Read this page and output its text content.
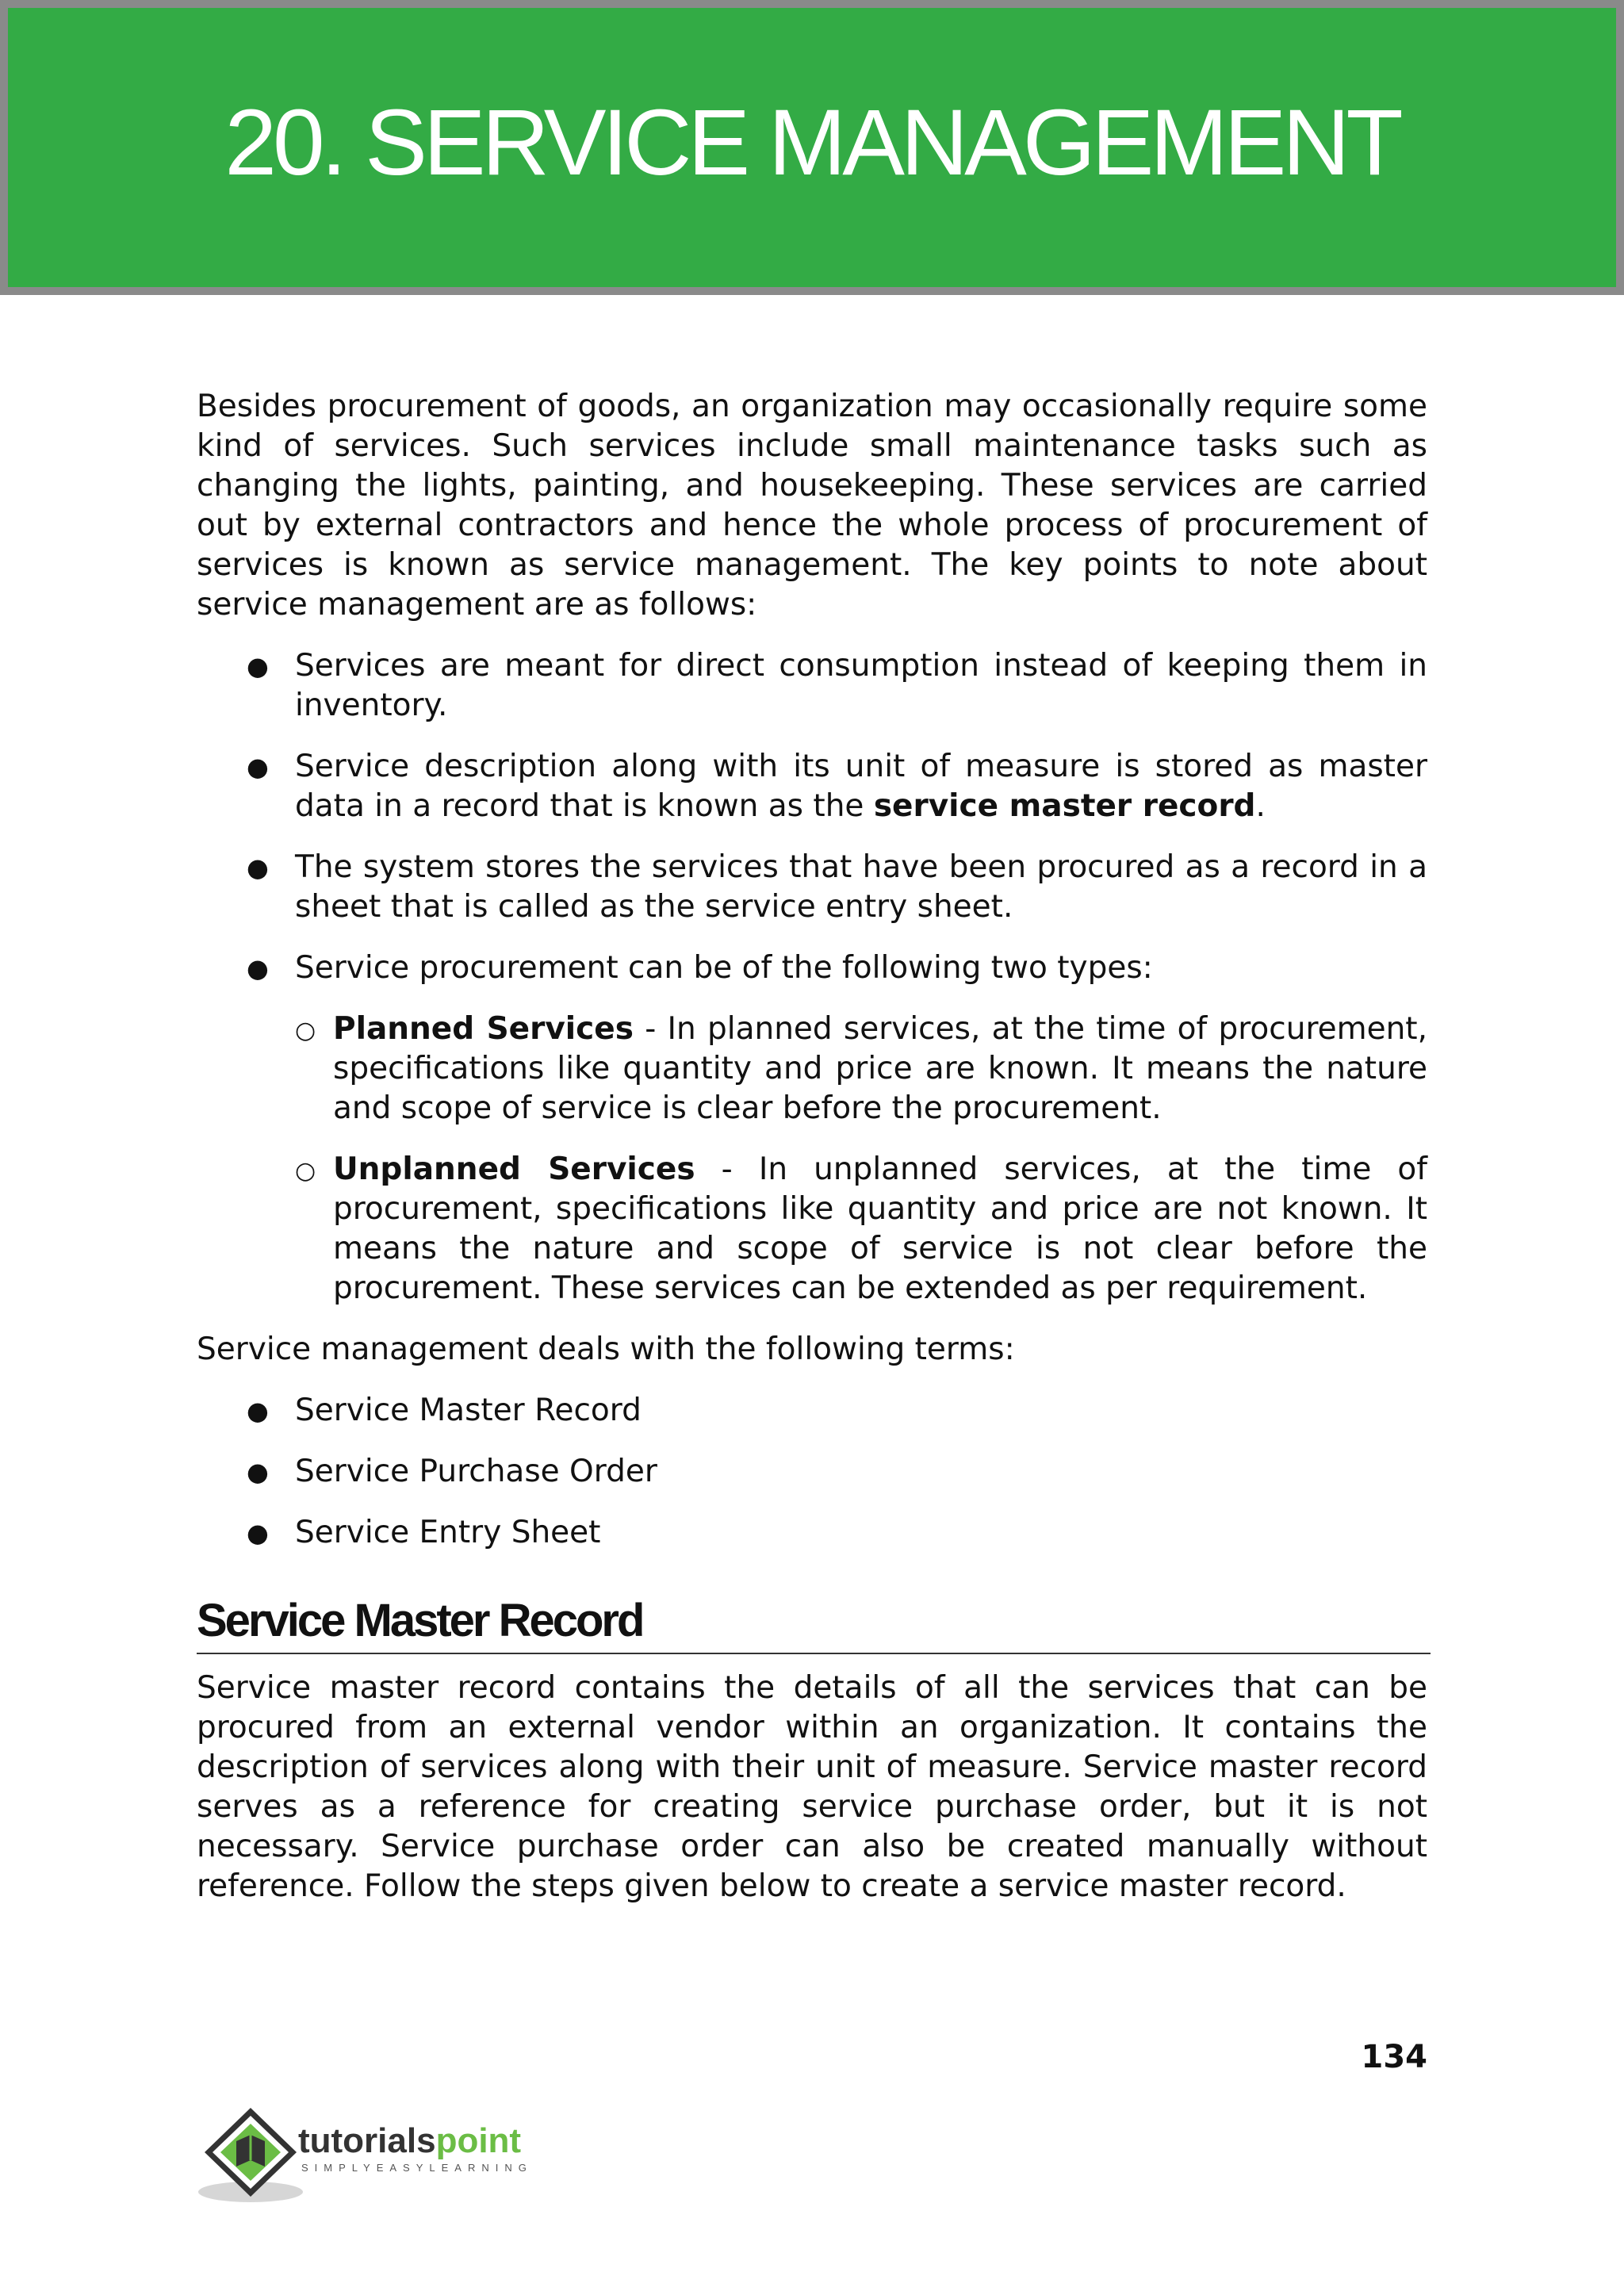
20. SERVICE MANAGEMENT

Besides procurement of goods, an organization may occasionally require some kind of services. Such services include small maintenance tasks such as changing the lights, painting, and housekeeping. These services are carried out by external contractors and hence the whole process of procurement of services is known as service management. The key points to note about service management are as follows:

● Services are meant for direct consumption instead of keeping them in inventory.
● Service description along with its unit of measure is stored as master data in a record that is known as the service master record.
● The system stores the services that have been procured as a record in a sheet that is called as the service entry sheet.
● Service procurement can be of the following two types:
○ Planned Services - In planned services, at the time of procurement, specifications like quantity and price are known. It means the nature and scope of service is clear before the procurement.
○ Unplanned Services - In unplanned services, at the time of procurement, specifications like quantity and price are not known. It means the nature and scope of service is not clear before the procurement. These services can be extended as per requirement.

Service management deals with the following terms:

● Service Master Record
● Service Purchase Order
● Service Entry Sheet
Service Master Record

Service master record contains the details of all the services that can be procured from an external vendor within an organization. It contains the description of services along with their unit of measure. Service master record serves as a reference for creating service purchase order, but it is not necessary. Service purchase order can also be created manually without reference. Follow the steps given below to create a service master record.

134
tutorialspoint
SIMPLYEASYLEARNING
